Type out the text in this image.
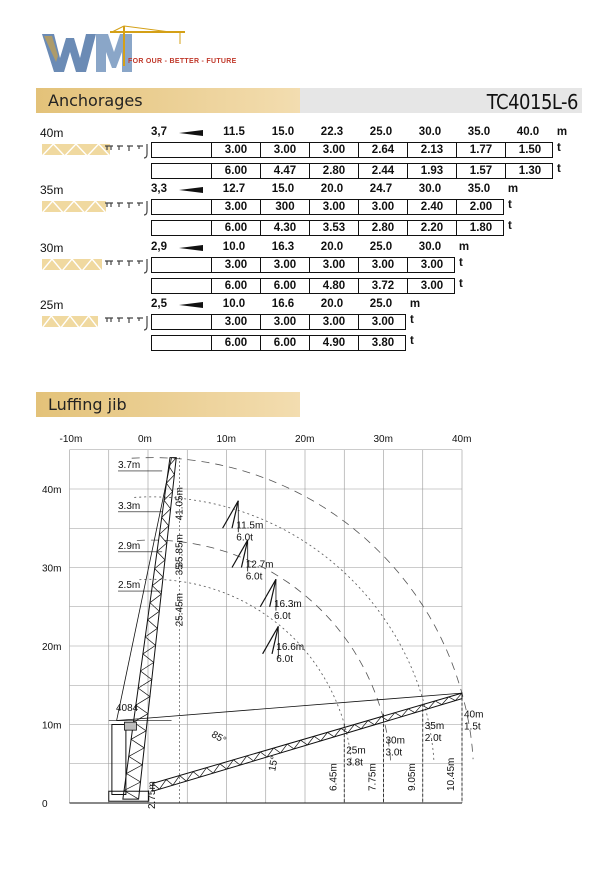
FOR OUR - BETTER - FUTURE
Anchorages	TC4015L-6
40m	3,7	11.5	15.0	22.3	25.0	30.0	35.0	40.0	m
3.00	3.00	3.00	2.64	2.13	1.77	1.50	t
6.00	4.47	2.80	2.44	1.93	1.57	1.30	t
35m	3,3	12.7	15.0	20.0	24.7	30.0	35.0	m
3.00	300	3.00	3.00	2.40	2.00	t
6.00	4.30	3.53	2.80	2.20	1.80	t
30m	2,9	10.0	16.3	20.0	25.0	30.0	m
3.00	3.00	3.00	3.00	3.00	t
6.00	6.00	4.80	3.72	3.00	t
25m	2,5	10.0	16.6	20.0	25.0	m
3.00	3.00	3.00	3.00	t
6.00	6.00	4.90	3.80	t
Luffing jib
-10m	0m	10m	20m	30m	40m
40m
30m
20m
10m
0
3.7m
3.3m
2.9m
2.5m
41.05m
35.85m
35
25.45m
11.5m
6.0t
12.7m
6.0t
16.3m
6.0t
16.6m
6.0t
25m
3.8t
6.45m
30m
3.0t
7.75m
35m
2.0t
9.05m
40m
1.5t
10.45m
4084
85°
15°
2.75m
